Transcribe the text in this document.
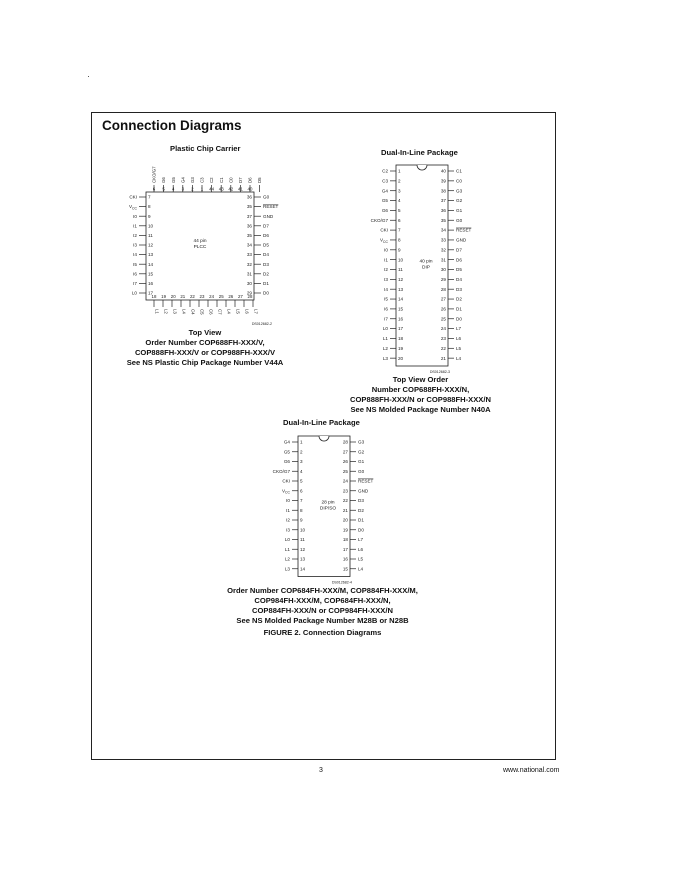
Connection Diagrams
Plastic Chip Carrier
CKI 7
$V_{CC}$ 8
I0 9
I1 10
I2 11
I3 12
I4 13
I5 14
I6 15
I7 16
L0 17
36 G0
35 RESET
37 GND
36 D7
35 D6
34 D5
33 D4
32 D3
31 D2
30 D1
29 D0
CKO/G7 G6 G5 G4 G3 C3 C2 C1 C0 D7 D6 D5
6 5 4 3 2 1 44 43 42 41 40
18 19 20 21 22 23 24 25 26 27 28
L1 L2 L3 L4 C4 C5 C6 C7 L4 L5 L6 L7
44 pin
PLCC
DS012682-2
Top View
Order Number COP688FH-XXX/V,
COP888FH-XXX/V or COP988FH-XXX/V
See NS Plastic Chip Package Number V44A
Dual-In-Line Package
C2 1
C3 2
G4 3
G5 4
G6 5
CKO/G7 6
CKI 7
$V_{CC}$ 8
I0 9
I1 10
I2 11
I3 12
I4 13
I5 14
I6 15
I7 16
L0 17
L1 18
L2 19
L3 20
40 C1
39 C0
38 G3
37 G2
36 G1
35 G0
34 RESET
33 GND
32 D7
31 D6
30 D5
29 D4
28 D3
27 D2
26 D1
25 D0
24 L7
23 L6
22 L5
21 L4
40 pin
DIP
DS012682-3
Top View Order
Number COP688FH-XXX/N,
COP888FH-XXX/N or COP988FH-XXX/N
See NS Molded Package Number N40A
Dual-In-Line Package
G4 1
G5 2
G6 3
CKO/G7 4
CKI 5
$V_{CC}$ 6
I0 7
I1 8
I2 9
I3 10
L0 11
L1 12
L2 13
L3 14
28 G3
27 G2
26 G1
25 G0
24 RESET
23 GND
22 D3
21 D2
20 D1
19 D0
18 L7
17 L6
16 L5
15 L4
28 pin
DIP/SO
DS012682-4
Order Number COP684FH-XXX/M, COP884FH-XXX/M,
COP984FH-XXX/M, COP684FH-XXX/N,
COP884FH-XXX/N or COP984FH-XXX/N
See NS Molded Package Number M28B or N28B
FIGURE 2. Connection Diagrams
3	www.national.com
